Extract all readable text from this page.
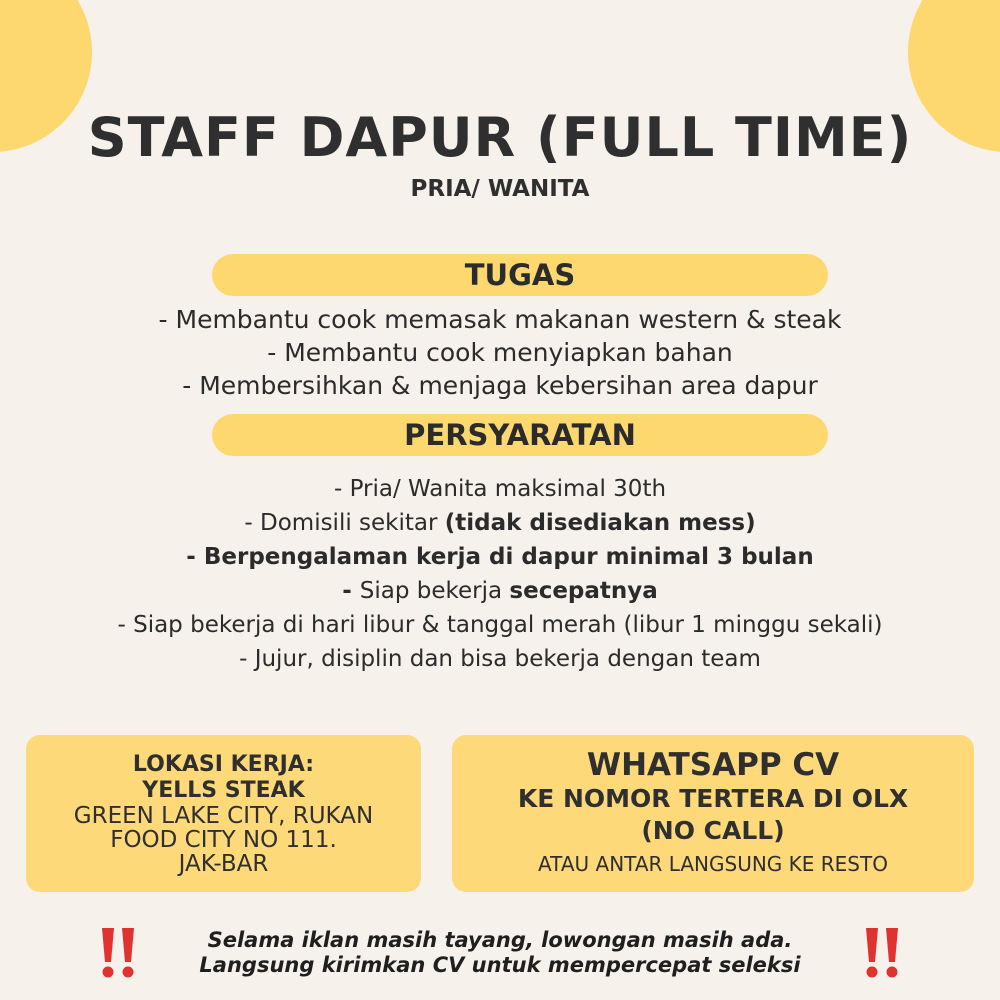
STAFF DAPUR (FULL TIME)
PRIA/ WANITA
TUGAS
- Membantu cook memasak makanan western & steak
- Membantu cook menyiapkan bahan
- Membersihkan & menjaga kebersihan area dapur
PERSYARATAN
- Pria/ Wanita maksimal 30th
- Domisili sekitar (tidak disediakan mess)
- Berpengalaman kerja di dapur minimal 3 bulan
- Siap bekerja secepatnya
- Siap bekerja di hari libur & tanggal merah (libur 1 minggu sekali)
- Jujur, disiplin dan bisa bekerja dengan team
LOKASI KERJA:
YELLS STEAK
GREEN LAKE CITY, RUKAN
FOOD CITY NO 111.
JAK-BAR
WHATSAPP CV
KE NOMOR TERTERA DI OLX
(NO CALL)
ATAU ANTAR LANGSUNG KE RESTO
Selama iklan masih tayang, lowongan masih ada.
Langsung kirimkan CV untuk mempercepat seleksi
